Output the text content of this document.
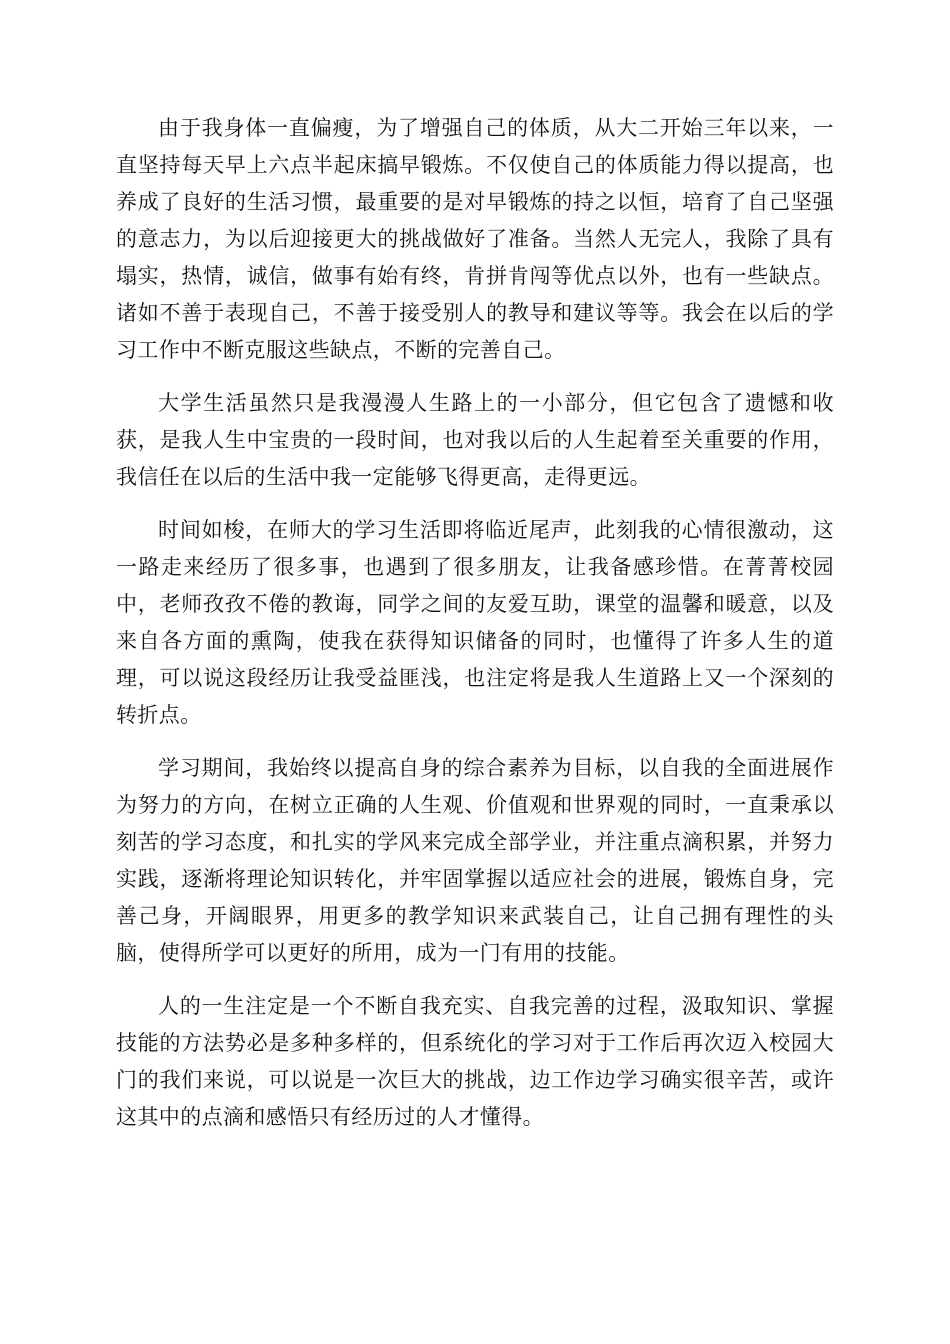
由于我身体一直偏瘦，为了增强自己的体质，从大二开始三年以来，一直坚持每天早上六点半起床搞早锻炼。不仅使自己的体质能力得以提高，也养成了良好的生活习惯，最重要的是对早锻炼的持之以恒，培育了自己坚强的意志力，为以后迎接更大的挑战做好了准备。当然人无完人，我除了具有塌实，热情，诚信，做事有始有终，肯拼肯闯等优点以外，也有一些缺点。诸如不善于表现自己，不善于接受别人的教导和建议等等。我会在以后的学习工作中不断克服这些缺点，不断的完善自己。

大学生活虽然只是我漫漫人生路上的一小部分，但它包含了遗憾和收获，是我人生中宝贵的一段时间，也对我以后的人生起着至关重要的作用，我信任在以后的生活中我一定能够飞得更高，走得更远。

时间如梭，在师大的学习生活即将临近尾声，此刻我的心情很激动，这一路走来经历了很多事，也遇到了很多朋友，让我备感珍惜。在菁菁校园中，老师孜孜不倦的教诲，同学之间的友爱互助，课堂的温馨和暖意，以及来自各方面的熏陶，使我在获得知识储备的同时，也懂得了许多人生的道理，可以说这段经历让我受益匪浅，也注定将是我人生道路上又一个深刻的转折点。

学习期间，我始终以提高自身的综合素养为目标，以自我的全面进展作为努力的方向，在树立正确的人生观、价值观和世界观的同时，一直秉承以刻苦的学习态度，和扎实的学风来完成全部学业，并注重点滴积累，并努力实践，逐渐将理论知识转化，并牢固掌握以适应社会的进展，锻炼自身，完善己身，开阔眼界，用更多的教学知识来武装自己，让自己拥有理性的头脑，使得所学可以更好的所用，成为一门有用的技能。

人的一生注定是一个不断自我充实、自我完善的过程，汲取知识、掌握技能的方法势必是多种多样的，但系统化的学习对于工作后再次迈入校园大门的我们来说，可以说是一次巨大的挑战，边工作边学习确实很辛苦，或许这其中的点滴和感悟只有经历过的人才懂得。
